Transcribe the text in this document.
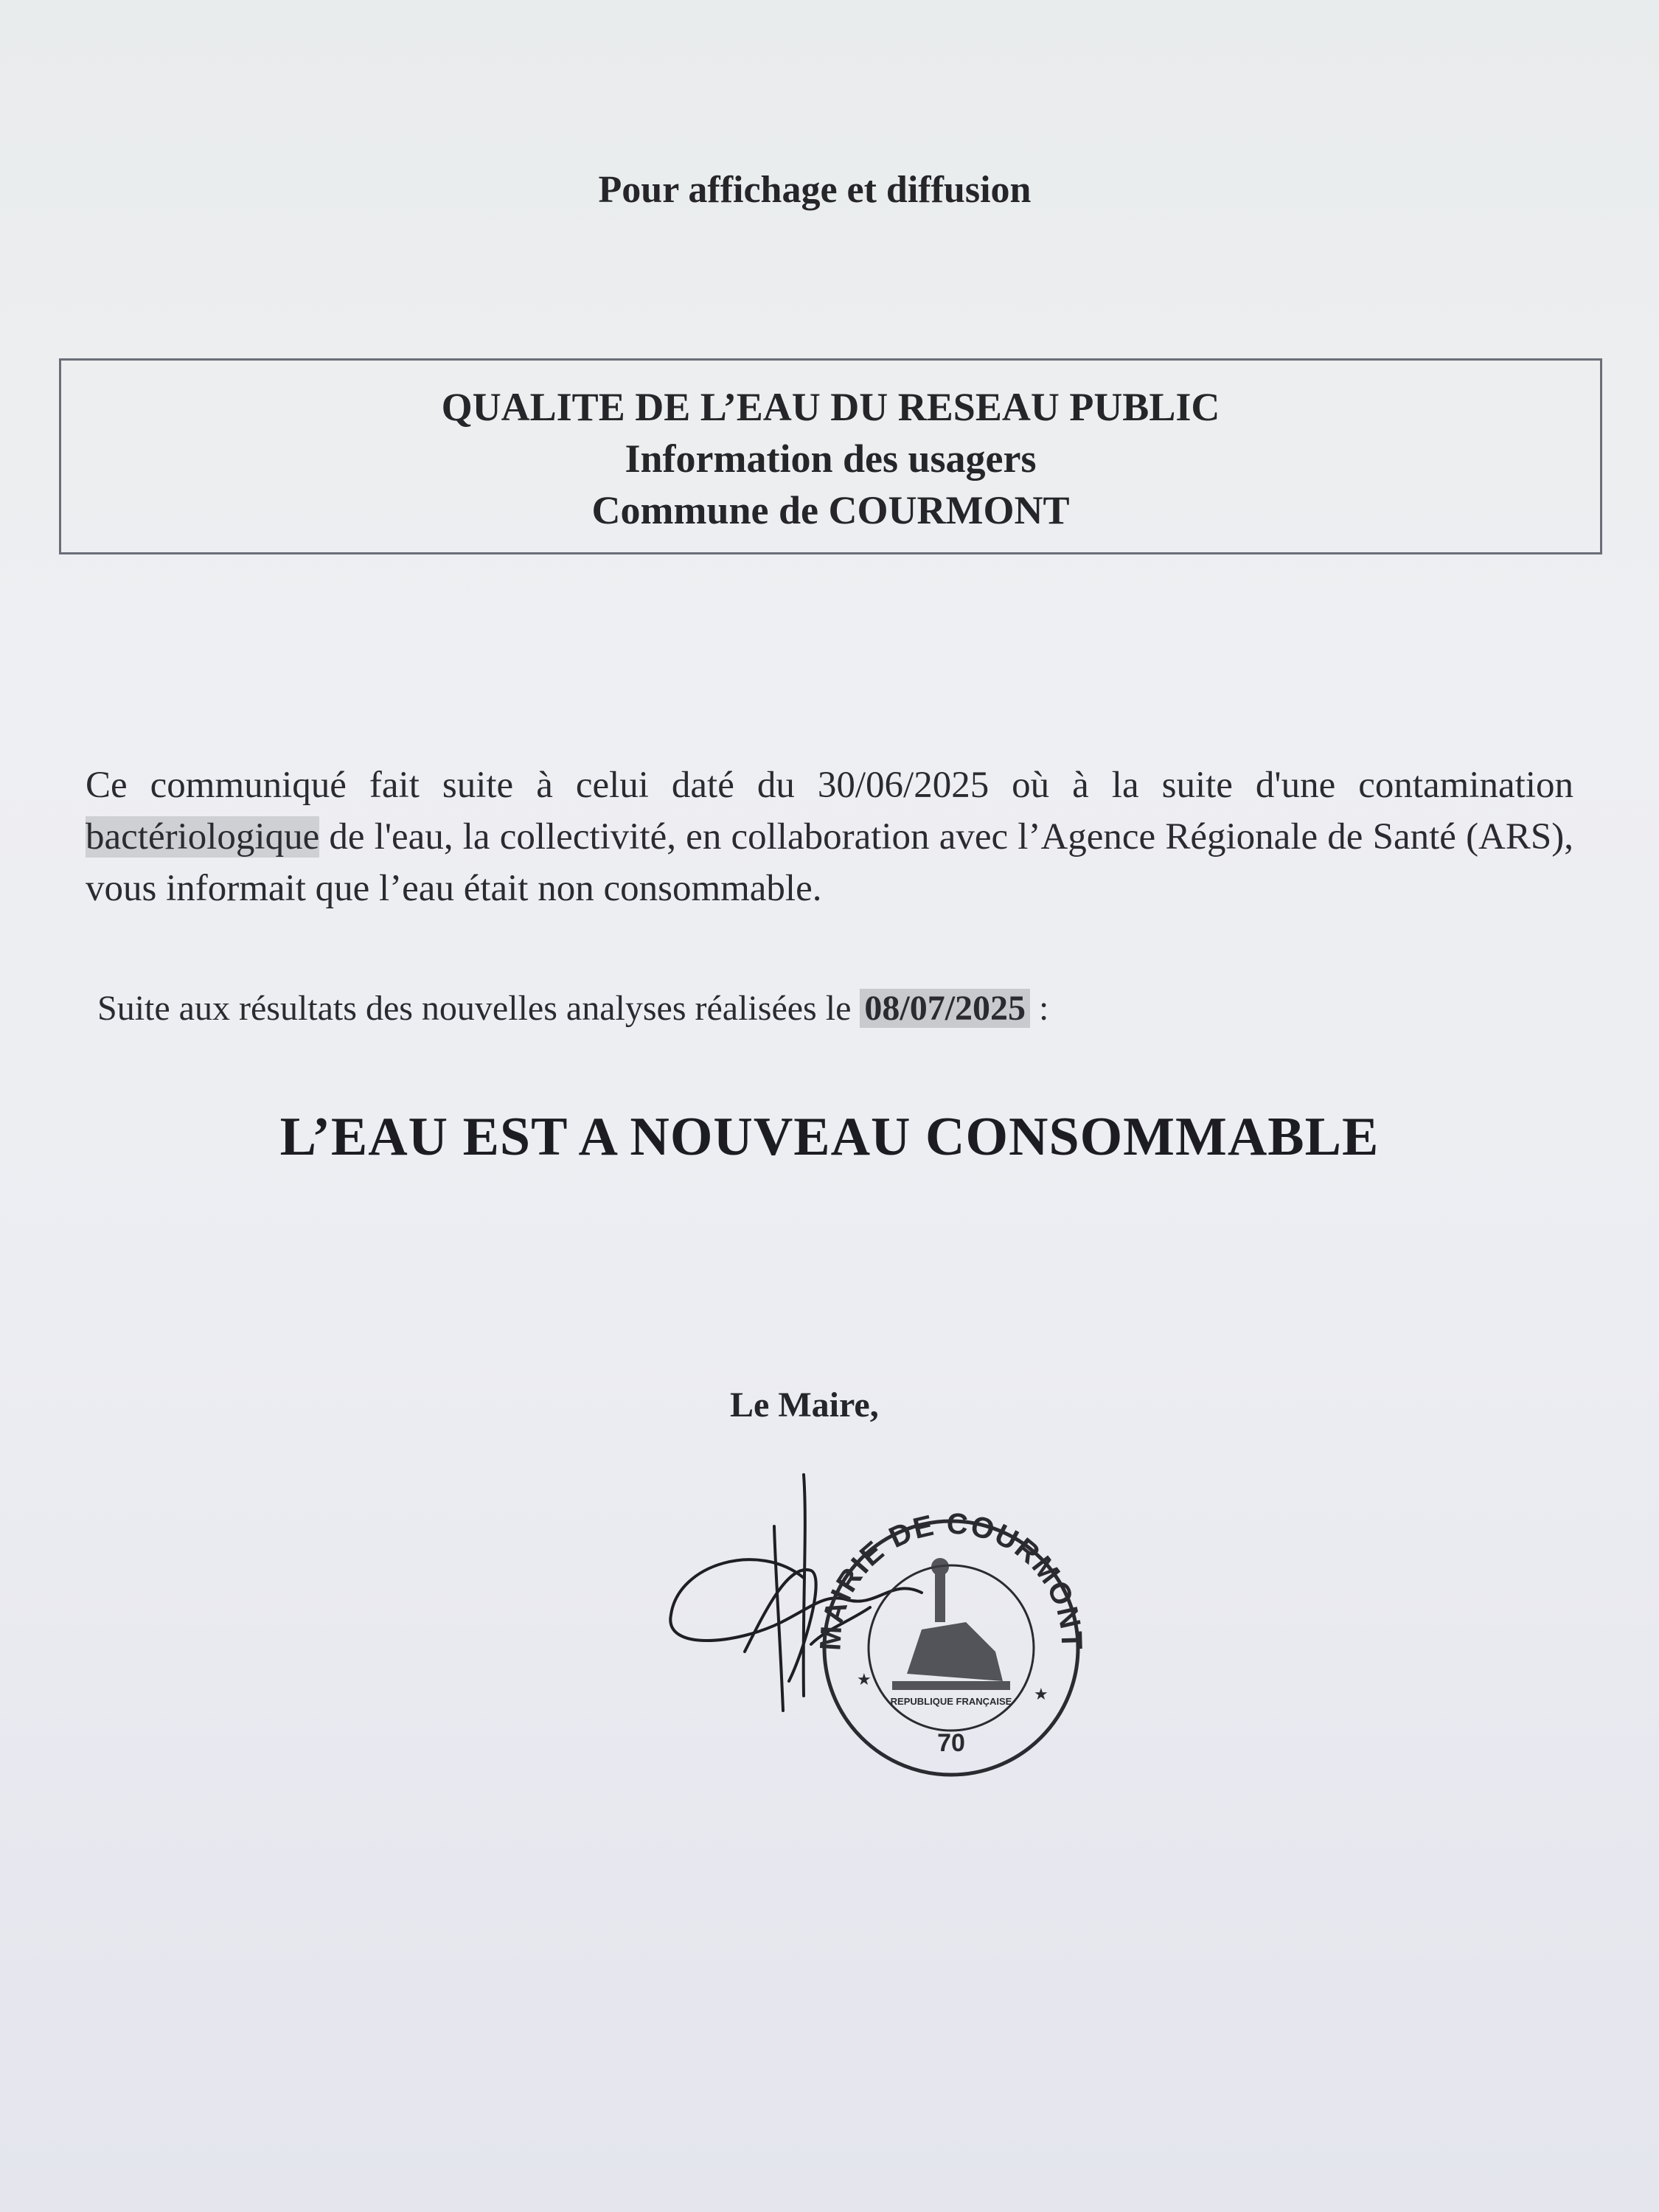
Pour affichage et diffusion
QUALITE DE L’EAU DU RESEAU PUBLIC
Information des usagers
Commune de COURMONT

Ce communiqué fait suite à celui daté du 30/06/2025 où à la suite d'une contamination bactériologique de l'eau, la collectivité, en collaboration avec l’Agence Régionale de Santé (ARS), vous informait que l’eau était non consommable.

Suite aux résultats des nouvelles analyses réalisées le 08/07/2025 :
L’EAU EST A NOUVEAU CONSOMMABLE
Le Maire,
MAIRIE DE COURMONT
REPUBLIQUE FRANÇAISE
★
★
70
